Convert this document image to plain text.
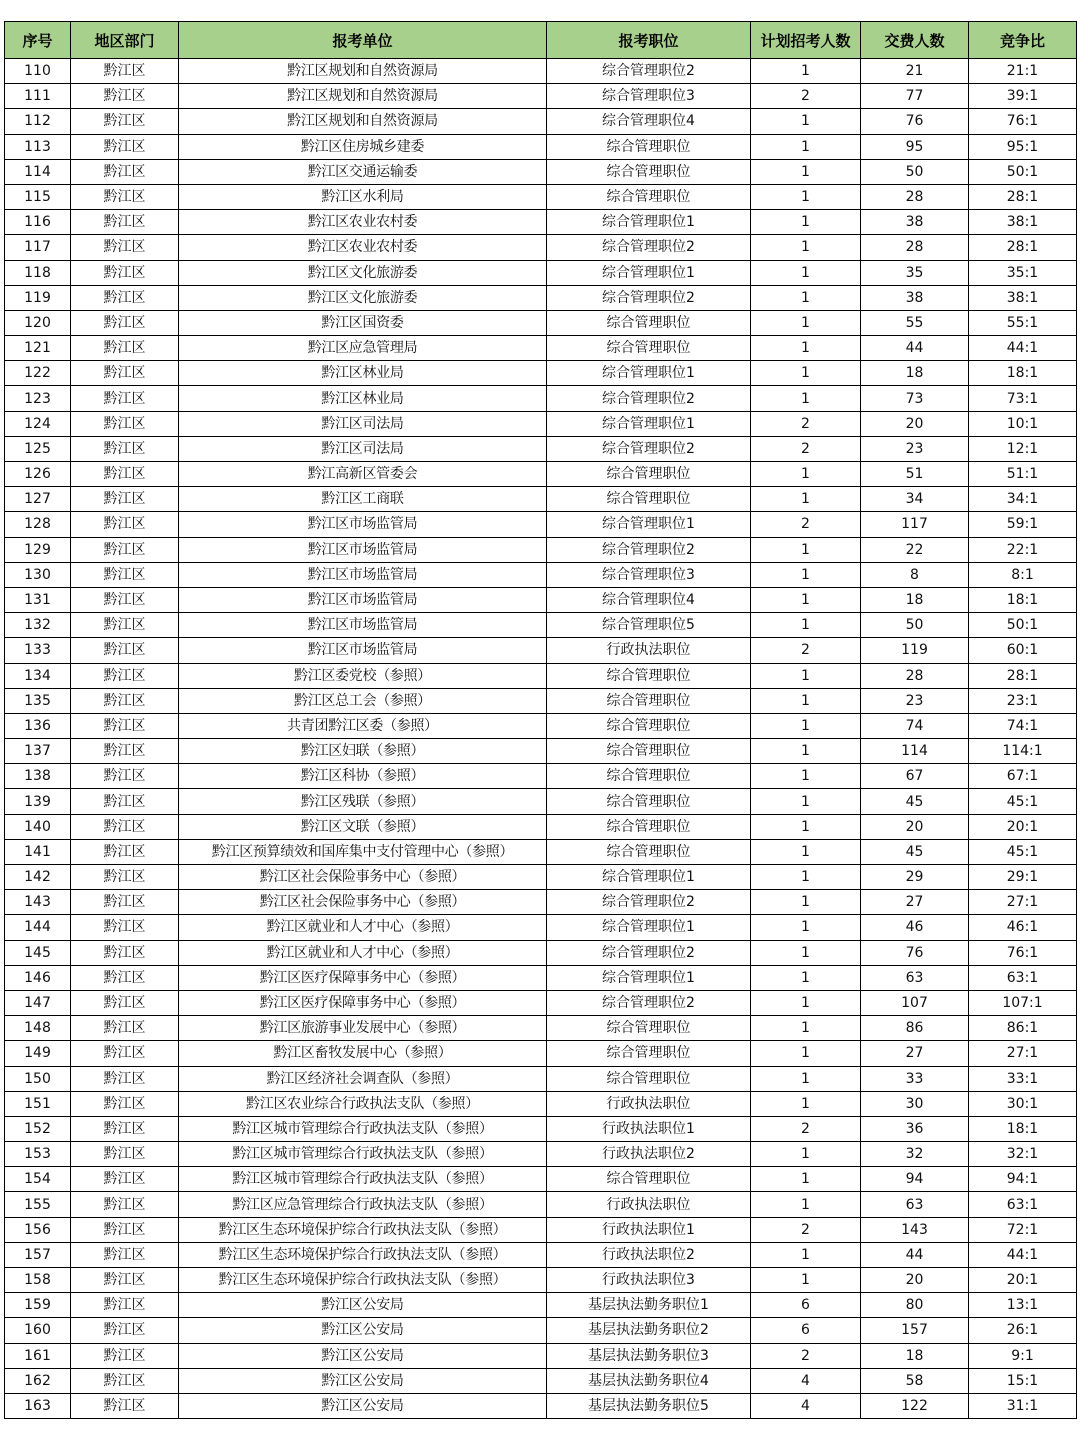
序号	地区部门	报考单位	报考职位	计划招考人数	交费人数	竞争比
110	黔江区	黔江区规划和自然资源局	综合管理职位2	1	21	21:1
111	黔江区	黔江区规划和自然资源局	综合管理职位3	2	77	39:1
112	黔江区	黔江区规划和自然资源局	综合管理职位4	1	76	76:1
113	黔江区	黔江区住房城乡建委	综合管理职位	1	95	95:1
114	黔江区	黔江区交通运输委	综合管理职位	1	50	50:1
115	黔江区	黔江区水利局	综合管理职位	1	28	28:1
116	黔江区	黔江区农业农村委	综合管理职位1	1	38	38:1
117	黔江区	黔江区农业农村委	综合管理职位2	1	28	28:1
118	黔江区	黔江区文化旅游委	综合管理职位1	1	35	35:1
119	黔江区	黔江区文化旅游委	综合管理职位2	1	38	38:1
120	黔江区	黔江区国资委	综合管理职位	1	55	55:1
121	黔江区	黔江区应急管理局	综合管理职位	1	44	44:1
122	黔江区	黔江区林业局	综合管理职位1	1	18	18:1
123	黔江区	黔江区林业局	综合管理职位2	1	73	73:1
124	黔江区	黔江区司法局	综合管理职位1	2	20	10:1
125	黔江区	黔江区司法局	综合管理职位2	2	23	12:1
126	黔江区	黔江高新区管委会	综合管理职位	1	51	51:1
127	黔江区	黔江区工商联	综合管理职位	1	34	34:1
128	黔江区	黔江区市场监管局	综合管理职位1	2	117	59:1
129	黔江区	黔江区市场监管局	综合管理职位2	1	22	22:1
130	黔江区	黔江区市场监管局	综合管理职位3	1	8	8:1
131	黔江区	黔江区市场监管局	综合管理职位4	1	18	18:1
132	黔江区	黔江区市场监管局	综合管理职位5	1	50	50:1
133	黔江区	黔江区市场监管局	行政执法职位	2	119	60:1
134	黔江区	黔江区委党校（参照）	综合管理职位	1	28	28:1
135	黔江区	黔江区总工会（参照）	综合管理职位	1	23	23:1
136	黔江区	共青团黔江区委（参照）	综合管理职位	1	74	74:1
137	黔江区	黔江区妇联（参照）	综合管理职位	1	114	114:1
138	黔江区	黔江区科协（参照）	综合管理职位	1	67	67:1
139	黔江区	黔江区残联（参照）	综合管理职位	1	45	45:1
140	黔江区	黔江区文联（参照）	综合管理职位	1	20	20:1
141	黔江区	黔江区预算绩效和国库集中支付管理中心（参照）	综合管理职位	1	45	45:1
142	黔江区	黔江区社会保险事务中心（参照）	综合管理职位1	1	29	29:1
143	黔江区	黔江区社会保险事务中心（参照）	综合管理职位2	1	27	27:1
144	黔江区	黔江区就业和人才中心（参照）	综合管理职位1	1	46	46:1
145	黔江区	黔江区就业和人才中心（参照）	综合管理职位2	1	76	76:1
146	黔江区	黔江区医疗保障事务中心（参照）	综合管理职位1	1	63	63:1
147	黔江区	黔江区医疗保障事务中心（参照）	综合管理职位2	1	107	107:1
148	黔江区	黔江区旅游事业发展中心（参照）	综合管理职位	1	86	86:1
149	黔江区	黔江区畜牧发展中心（参照）	综合管理职位	1	27	27:1
150	黔江区	黔江区经济社会调查队（参照）	综合管理职位	1	33	33:1
151	黔江区	黔江区农业综合行政执法支队（参照）	行政执法职位	1	30	30:1
152	黔江区	黔江区城市管理综合行政执法支队（参照）	行政执法职位1	2	36	18:1
153	黔江区	黔江区城市管理综合行政执法支队（参照）	行政执法职位2	1	32	32:1
154	黔江区	黔江区城市管理综合行政执法支队（参照）	综合管理职位	1	94	94:1
155	黔江区	黔江区应急管理综合行政执法支队（参照）	行政执法职位	1	63	63:1
156	黔江区	黔江区生态环境保护综合行政执法支队（参照）	行政执法职位1	2	143	72:1
157	黔江区	黔江区生态环境保护综合行政执法支队（参照）	行政执法职位2	1	44	44:1
158	黔江区	黔江区生态环境保护综合行政执法支队（参照）	行政执法职位3	1	20	20:1
159	黔江区	黔江区公安局	基层执法勤务职位1	6	80	13:1
160	黔江区	黔江区公安局	基层执法勤务职位2	6	157	26:1
161	黔江区	黔江区公安局	基层执法勤务职位3	2	18	9:1
162	黔江区	黔江区公安局	基层执法勤务职位4	4	58	15:1
163	黔江区	黔江区公安局	基层执法勤务职位5	4	122	31:1
